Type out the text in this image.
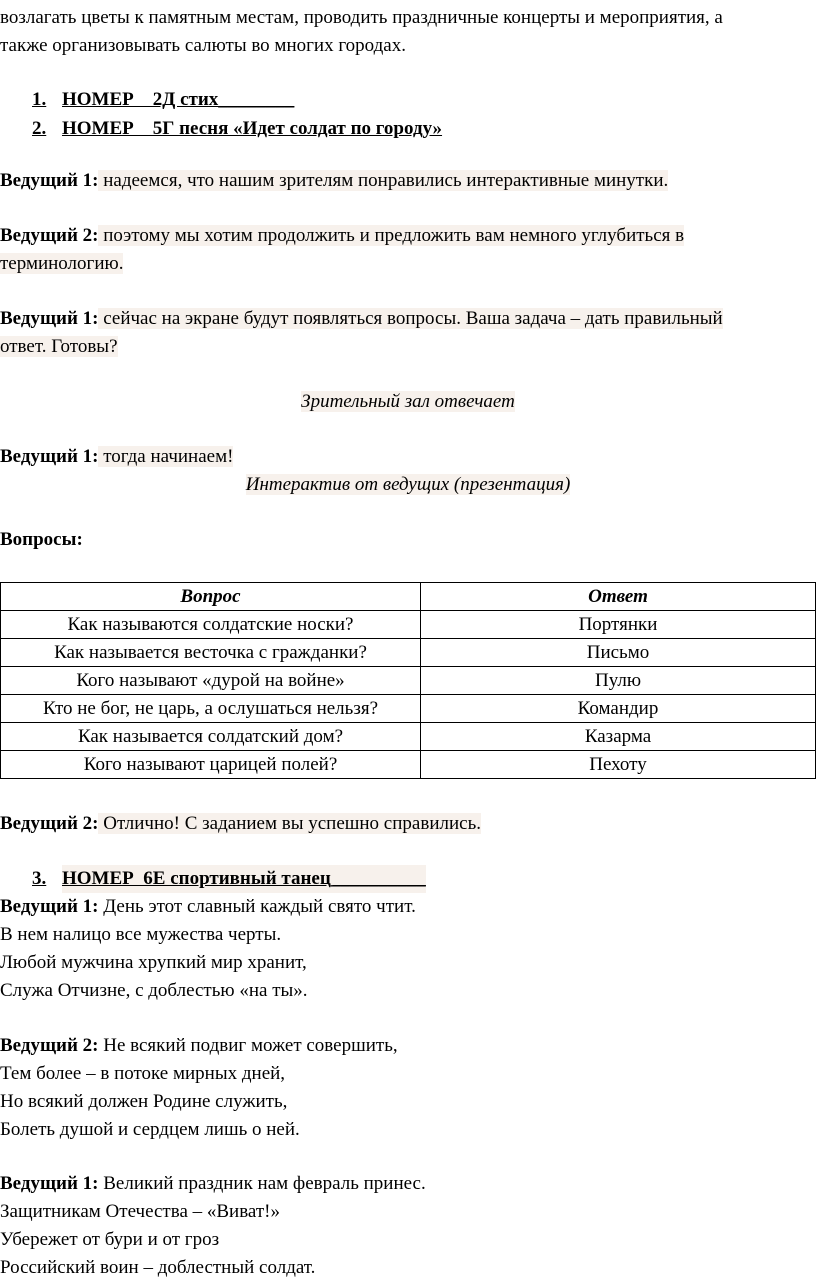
возлагать цветы к памятным местам, проводить праздничные концерты и мероприятия, а
также организовывать салюты во многих городах.
1. НОМЕР    2Д стих________
2. НОМЕР    5Г песня «Идет солдат по городу»
Ведущий 1: надеемся, что нашим зрителям понравились интерактивные минутки.
Ведущий 2: поэтому мы хотим продолжить и предложить вам немного углубиться в
терминологию.
Ведущий 1: сейчас на экране будут появляться вопросы. Ваша задача – дать правильный
ответ. Готовы?
Зрительный зал отвечает
Ведущий 1: тогда начинаем!
Интерактив от ведущих (презентация)
Вопросы:
Вопрос	Ответ
Как называются солдатские носки?	Портянки
Как называется весточка с гражданки?	Письмо
Кого называют «дурой на войне»	Пулю
Кто не бог, не царь, а ослушаться нельзя?	Командир
Как называется солдатский дом?	Казарма
Кого называют царицей полей?	Пехоту
Ведущий 2: Отлично! С заданием вы успешно справились.
3. НОМЕР  6Е спортивный танец__________
Ведущий 1: День этот славный каждый свято чтит.
В нем налицо все мужества черты.
Любой мужчина хрупкий мир хранит,
Служа Отчизне, с доблестью «на ты».
Ведущий 2: Не всякий подвиг может совершить,
Тем более – в потоке мирных дней,
Но всякий должен Родине служить,
Болеть душой и сердцем лишь о ней.
Ведущий 1: Великий праздник нам февраль принес.
Защитникам Отечества – «Виват!»
Убережет от бури и от гроз
Российский воин – доблестный солдат.
